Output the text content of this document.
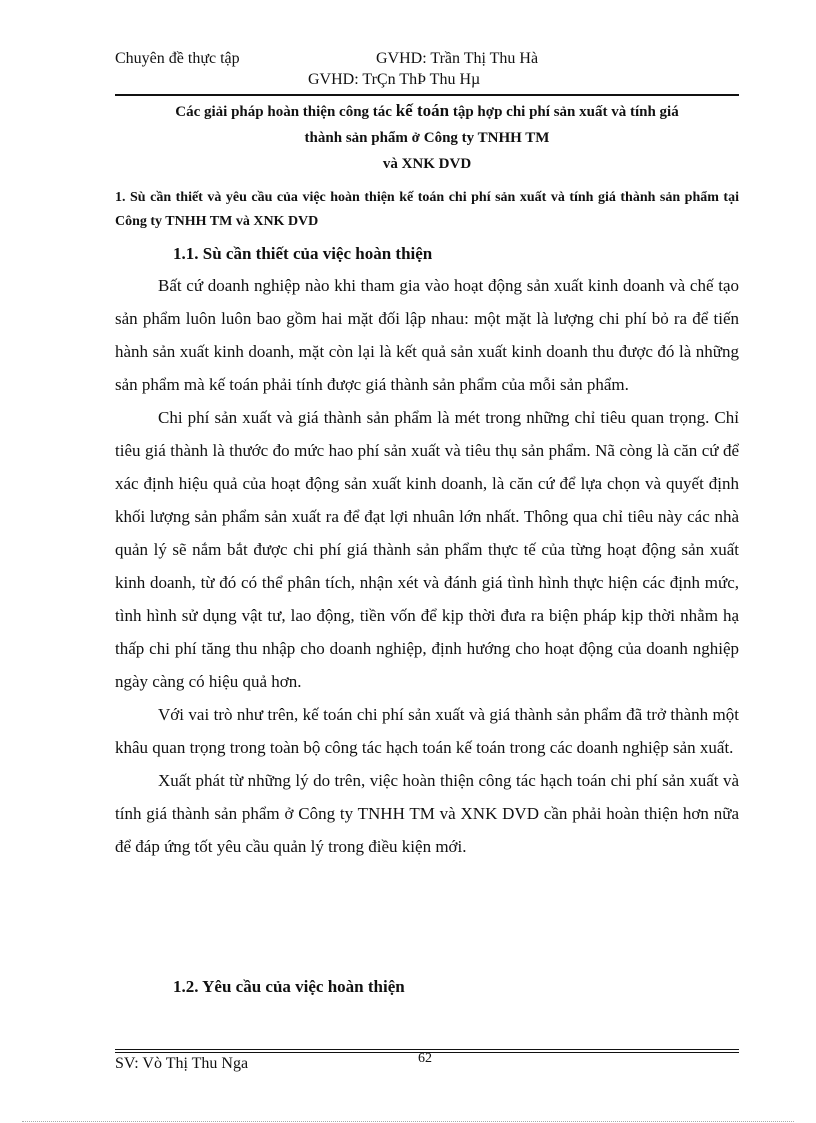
Chuyên đề thực tập	GVHD: Trần Thị Thu Hà
GVHD: TrÇn ThÞ Thu Hµ
Các giải pháp hoàn thiện công tác kế toán tập hợp chi phí sản xuất và tính giá
thành sản phẩm ở Công ty TNHH TM
và XNK DVD
1. Sù cần thiết và yêu cầu của việc hoàn thiện kế toán chi phí sản xuất và tính giá thành sản phẩm tại Công ty TNHH TM và XNK DVD
1.1. Sù cần thiết của việc hoàn thiện

Bất cứ doanh nghiệp nào khi tham gia vào hoạt động sản xuất kinh doanh và chế tạo sản phẩm luôn luôn bao gồm hai mặt đối lập nhau: một mặt là lượng chi phí bỏ ra để tiến hành sản xuất kinh doanh, mặt còn lại là kết quả sản xuất kinh doanh thu được đó là những sản phẩm mà kế toán phải tính được giá thành sản phẩm của mỗi sản phẩm.

Chi phí sản xuất và giá thành sản phẩm là mét trong những chỉ tiêu quan trọng. Chỉ tiêu giá thành là thước đo mức hao phí sản xuất và tiêu thụ sản phẩm. Nã còng là căn cứ để xác định hiệu quả của hoạt động sản xuất kinh doanh, là căn cứ để lựa chọn và quyết định khối lượng sản phẩm sản xuất ra để đạt lợi nhuân lớn nhất. Thông qua chỉ tiêu này các nhà quản lý sẽ nắm bắt được chi phí giá thành sản phẩm thực tế của từng hoạt động sản xuất kinh doanh, từ đó có thể phân tích, nhận xét và đánh giá tình hình thực hiện các định mức, tình hình sử dụng vật tư, lao động, tiền vốn để kịp thời đưa ra biện pháp kịp thời nhằm hạ thấp chi phí tăng thu nhập cho doanh nghiệp, định hướng cho hoạt động của doanh nghiệp ngày càng có hiệu quả hơn.

Với vai trò như trên, kế toán chi phí sản xuất và giá thành sản phẩm đã trở thành một khâu quan trọng trong toàn bộ công tác hạch toán kế toán trong các doanh nghiệp sản xuất.

Xuất phát từ những lý do trên, việc hoàn thiện công tác hạch toán chi phí sản xuất và tính giá thành sản phẩm ở Công ty TNHH TM và XNK DVD cần phải hoàn thiện hơn nữa để đáp ứng tốt yêu cầu quản lý trong điều kiện mới.

1.2. Yêu cầu của việc hoàn thiện
SV: Vò Thị Thu Nga	62
